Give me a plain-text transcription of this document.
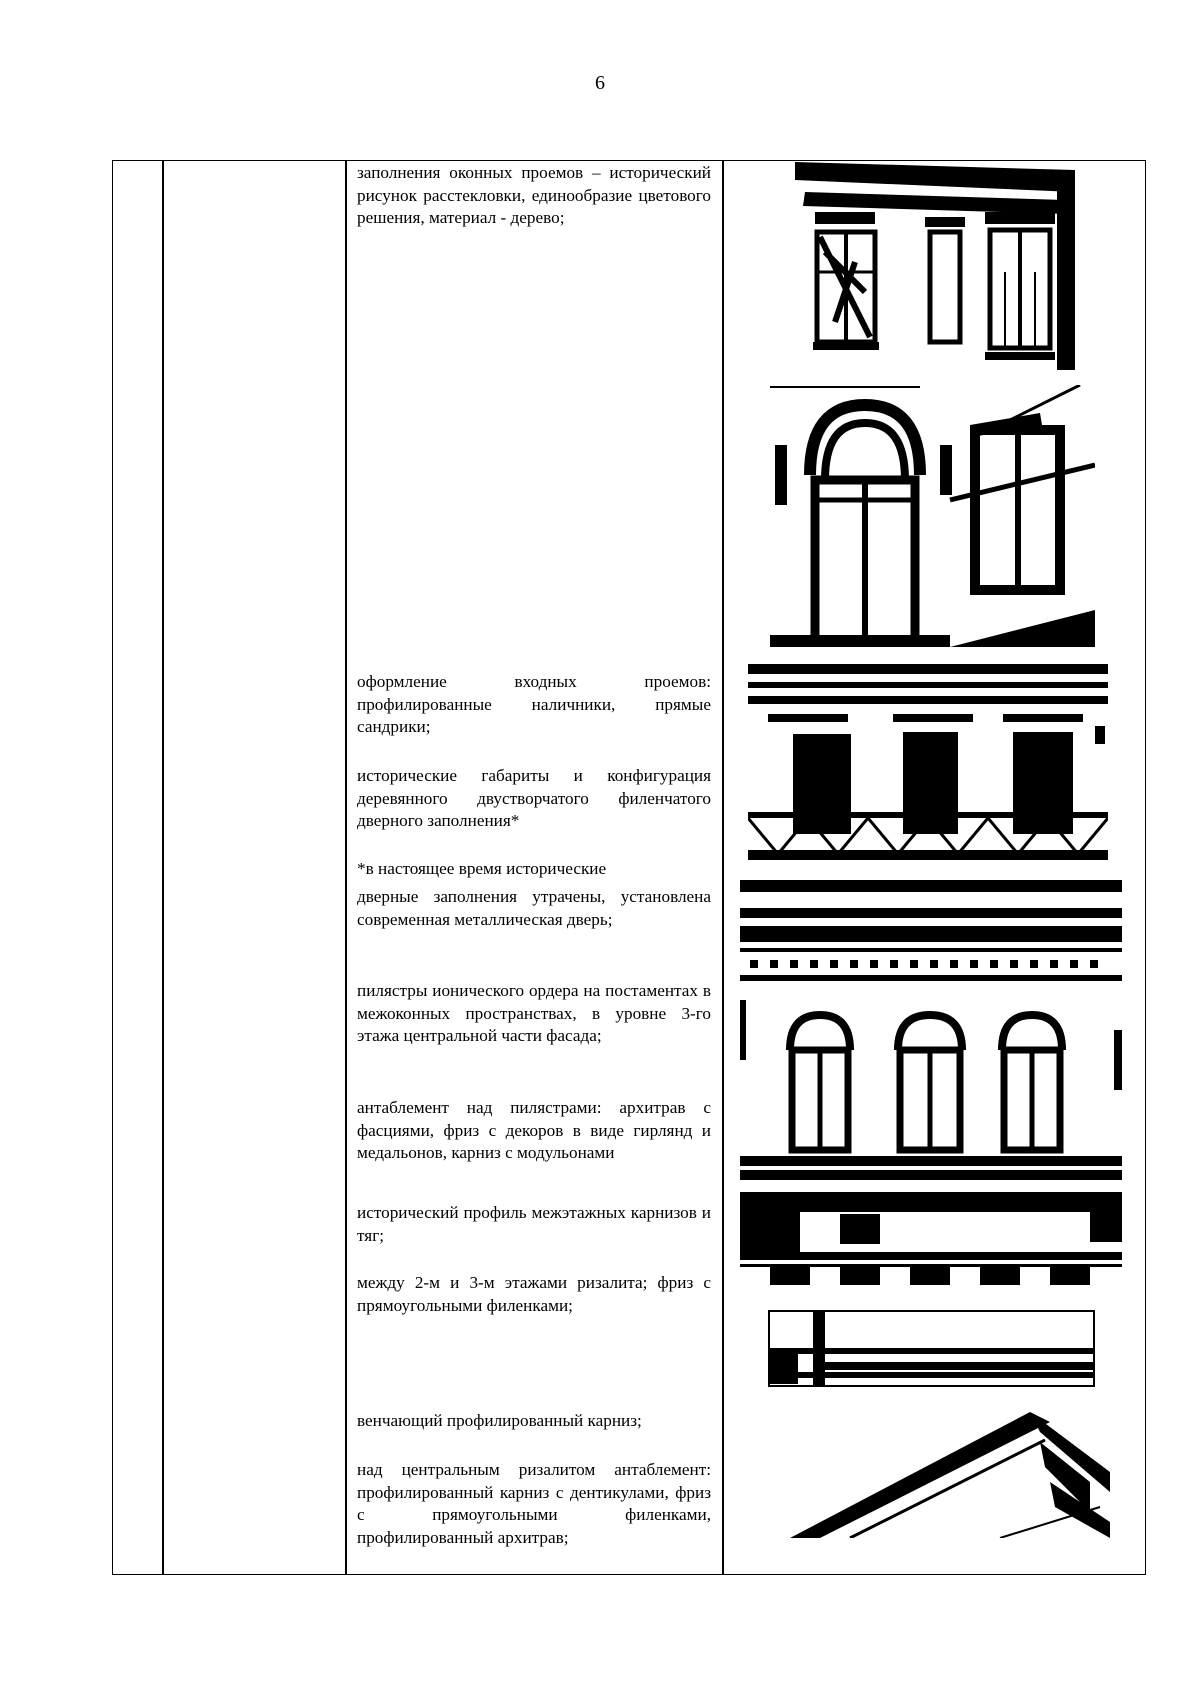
6

заполнения оконных проемов – исторический рисунок расстекловки, единообразие цветового решения, материал - дерево;

оформление входных проемов: профилированные наличники, прямые сандрики;

исторические габариты и конфигурация деревянного двустворчатого филенчатого дверного заполнения*

*в настоящее время исторические

дверные заполнения утрачены, установлена современная металлическая дверь;

пилястры ионического ордера на постаментах в межоконных пространствах, в уровне 3-го этажа центральной части фасада;

антаблемент над пилястрами: архитрав с фасциями, фриз с декоров в виде гирлянд и медальонов, карниз с модульонами

исторический профиль межэтажных карнизов и тяг;

между 2-м и 3-м этажами ризалита; фриз с прямоугольными филенками;

венчающий профилированный карниз;

над центральным ризалитом антаблемент: профилированный карниз с дентикулами, фриз с прямоугольными филенками, профилированный архитрав;
